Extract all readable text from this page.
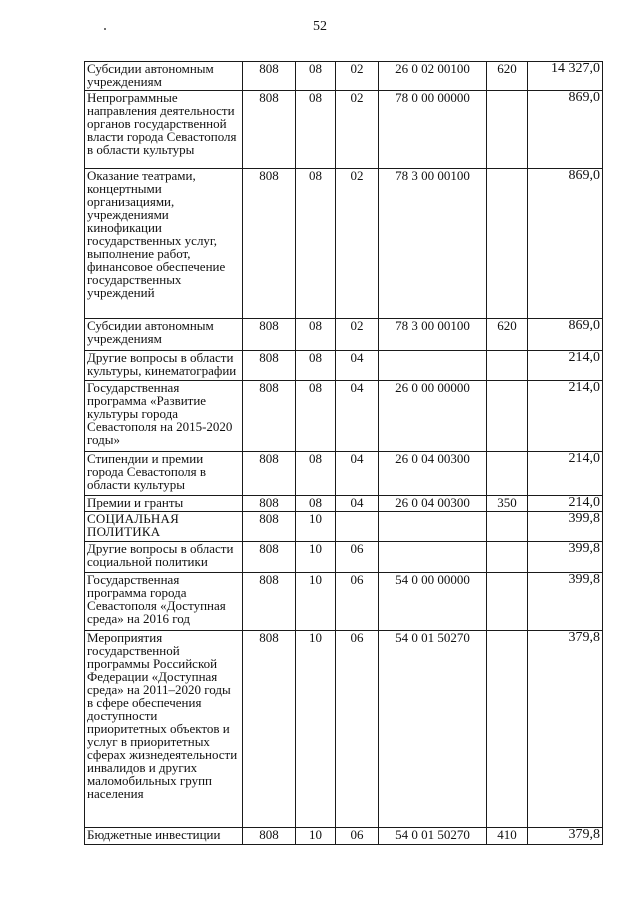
52
Субсидии автономным учреждениям	808	08	02	26 0 02 00100	620	14 327,0
Непрограммные направления деятельности органов государственной власти города Севастополя в области культуры	808	08	02	78 0 00 00000		869,0
Оказание театрами, концертными организациями, учреждениями кинофикации государственных услуг, выполнение работ, финансовое обеспечение государственных учреждений	808	08	02	78 3 00 00100		869,0
Субсидии автономным учреждениям	808	08	02	78 3 00 00100	620	869,0
Другие вопросы в области культуры, кинематографии	808	08	04			214,0
Государственная программа «Развитие культуры города Севастополя на 2015-2020 годы»	808	08	04	26 0 00 00000		214,0
Стипендии и премии города Севастополя в области культуры	808	08	04	26 0 04 00300		214,0
Премии и гранты	808	08	04	26 0 04 00300	350	214,0
СОЦИАЛЬНАЯ ПОЛИТИКА	808	10				399,8
Другие вопросы в области социальной политики	808	10	06			399,8
Государственная программа города Севастополя «Доступная среда» на 2016 год	808	10	06	54 0 00 00000		399,8
Мероприятия государственной программы Российской Федерации «Доступная среда» на 2011–2020 годы в сфере обеспечения доступности приоритетных объектов и услуг в приоритетных сферах жизнедеятельности инвалидов и других маломобильных групп населения	808	10	06	54 0 01 50270		379,8
Бюджетные инвестиции	808	10	06	54 0 01 50270	410	379,8
